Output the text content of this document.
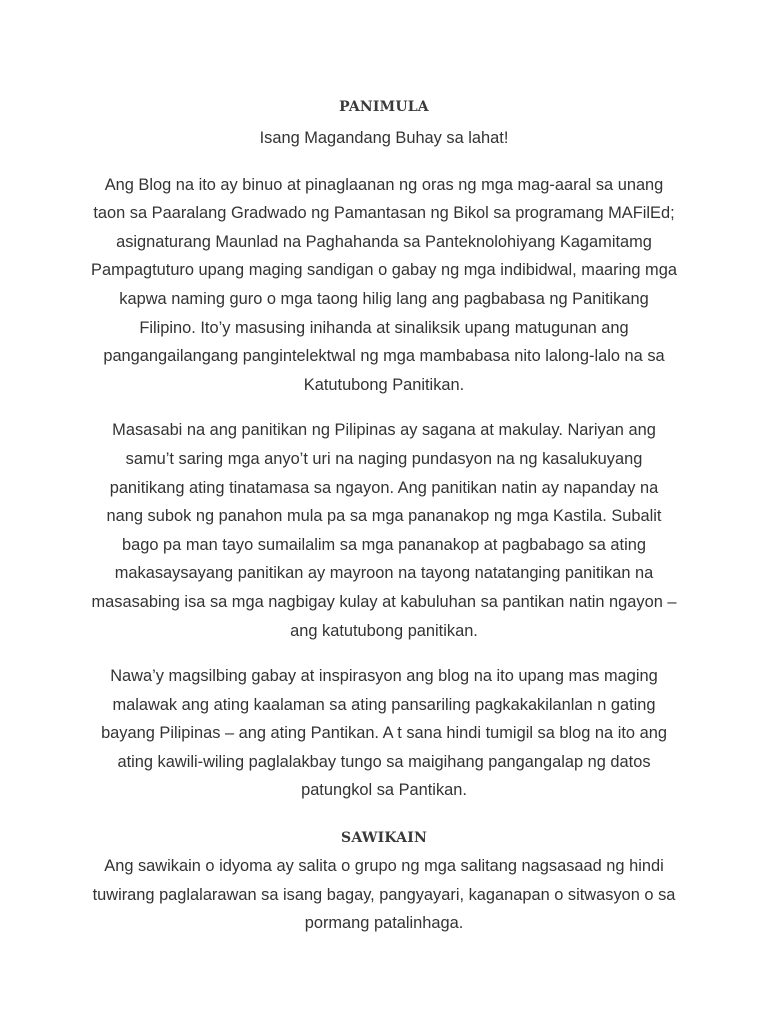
PANIMULA

Isang Magandang Buhay sa lahat!

Ang Blog na ito ay binuo at pinaglaanan ng oras ng mga mag-aaral sa unang
taon sa Paaralang Gradwado ng Pamantasan ng Bikol sa programang MAFilEd;
asignaturang Maunlad na Paghahanda sa Panteknolohiyang Kagamitamg
Pampagtuturo upang maging sandigan o gabay ng mga indibidwal, maaring mga
kapwa naming guro o mga taong hilig lang ang pagbabasa ng Panitikang
Filipino. Ito’y masusing inihanda at sinaliksik upang matugunan ang
pangangailangang pangintelektwal ng mga mambabasa nito lalong-lalo na sa
Katutubong Panitikan.

Masasabi na ang panitikan ng Pilipinas ay sagana at makulay. Nariyan ang
samu’t saring mga anyo’t uri na naging pundasyon na ng kasalukuyang
panitikang ating tinatamasa sa ngayon. Ang panitikan natin ay napanday na
nang subok ng panahon mula pa sa mga pananakop ng mga Kastila. Subalit
bago pa man tayo sumailalim sa mga pananakop at pagbabago sa ating
makasaysayang panitikan ay mayroon na tayong natatanging panitikan na
masasabing isa sa mga nagbigay kulay at kabuluhan sa pantikan natin ngayon –
ang katutubong panitikan.

Nawa’y magsilbing gabay at inspirasyon ang blog na ito upang mas maging
malawak ang ating kaalaman sa ating pansariling pagkakakilanlan n gating
bayang Pilipinas – ang ating Pantikan. A t sana hindi tumigil sa blog na ito ang
ating kawili-wiling paglalakbay tungo sa maigihang pangangalap ng datos
patungkol sa Pantikan.

SAWIKAIN

Ang sawikain o idyoma ay salita o grupo ng mga salitang nagsasaad ng hindi
tuwirang paglalarawan sa isang bagay, pangyayari, kaganapan o sitwasyon o sa
pormang patalinhaga.
